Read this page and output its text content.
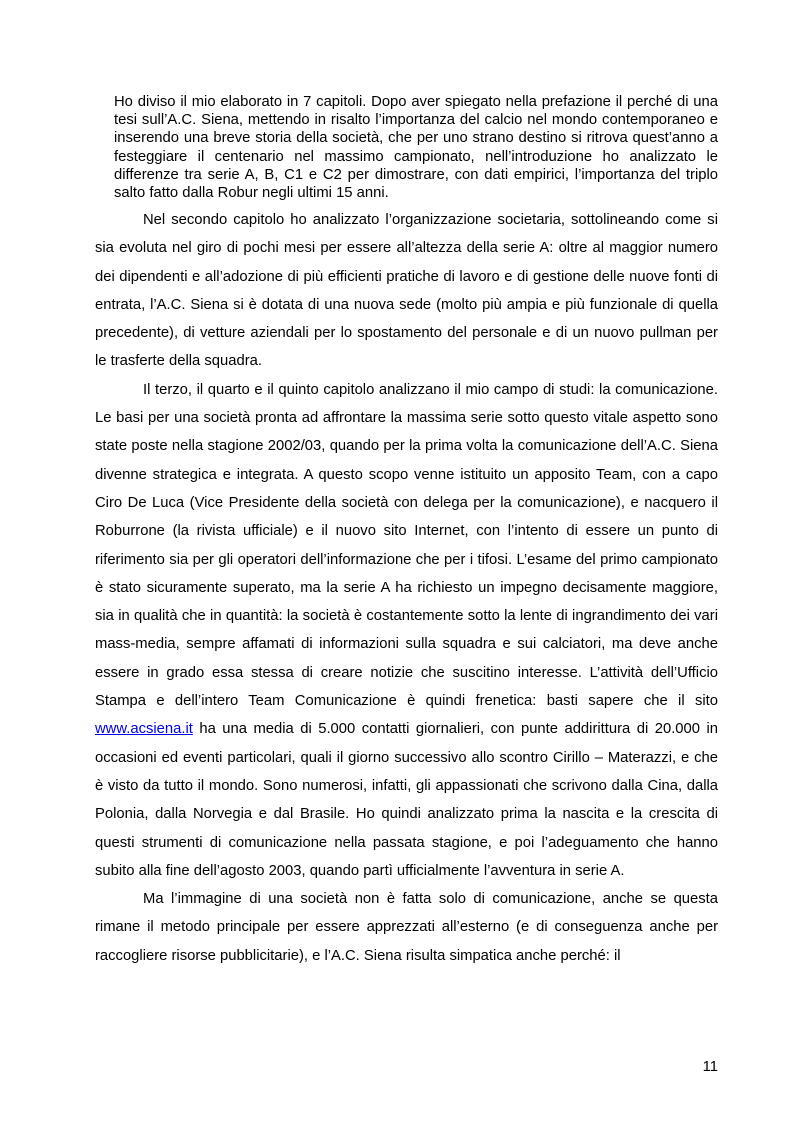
Ho diviso il mio elaborato in 7 capitoli. Dopo aver spiegato nella prefazione il perché di una tesi sull’A.C. Siena, mettendo in risalto l’importanza del calcio nel mondo contemporaneo e inserendo una breve storia della società, che per uno strano destino si ritrova quest’anno a festeggiare il centenario nel massimo campionato, nell’introduzione ho analizzato le differenze tra serie A, B, C1 e C2 per dimostrare, con dati empirici, l’importanza del triplo salto fatto dalla Robur negli ultimi 15 anni.

Nel secondo capitolo ho analizzato l’organizzazione societaria, sottolineando come si sia evoluta nel giro di pochi mesi per essere all’altezza della serie A: oltre al maggior numero dei dipendenti e all’adozione di più efficienti pratiche di lavoro e di gestione delle nuove fonti di entrata, l’A.C. Siena si è dotata di una nuova sede (molto più ampia e più funzionale di quella precedente), di vetture aziendali per lo spostamento del personale e di un nuovo pullman per le trasferte della squadra.

Il terzo, il quarto e il quinto capitolo analizzano il mio campo di studi: la comunicazione. Le basi per una società pronta ad affrontare la massima serie sotto questo vitale aspetto sono state poste nella stagione 2002/03, quando per la prima volta la comunicazione dell’A.C. Siena divenne strategica e integrata. A questo scopo venne istituito un apposito Team, con a capo Ciro De Luca (Vice Presidente della società con delega per la comunicazione), e nacquero il Roburrone (la rivista ufficiale) e il nuovo sito Internet, con l’intento di essere un punto di riferimento sia per gli operatori dell’informazione che per i tifosi. L’esame del primo campionato è stato sicuramente superato, ma la serie A ha richiesto un impegno decisamente maggiore, sia in qualità che in quantità: la società è costantemente sotto la lente di ingrandimento dei vari mass-media, sempre affamati di informazioni sulla squadra e sui calciatori, ma deve anche essere in grado essa stessa di creare notizie che suscitino interesse. L’attività dell’Ufficio Stampa e dell’intero Team Comunicazione è quindi frenetica: basti sapere che il sito www.acsiena.it ha una media di 5.000 contatti giornalieri, con punte addirittura di 20.000 in occasioni ed eventi particolari, quali il giorno successivo allo scontro Cirillo – Materazzi, e che è visto da tutto il mondo. Sono numerosi, infatti, gli appassionati che scrivono dalla Cina, dalla Polonia, dalla Norvegia e dal Brasile. Ho quindi analizzato prima la nascita e la crescita di questi strumenti di comunicazione nella passata stagione, e poi l’adeguamento che hanno subito alla fine dell’agosto 2003, quando partì ufficialmente l’avventura in serie A.

Ma l’immagine di una società non è fatta solo di comunicazione, anche se questa rimane il metodo principale per essere apprezzati all’esterno (e di conseguenza anche per raccogliere risorse pubblicitarie), e l’A.C. Siena risulta simpatica anche perché: il

11
